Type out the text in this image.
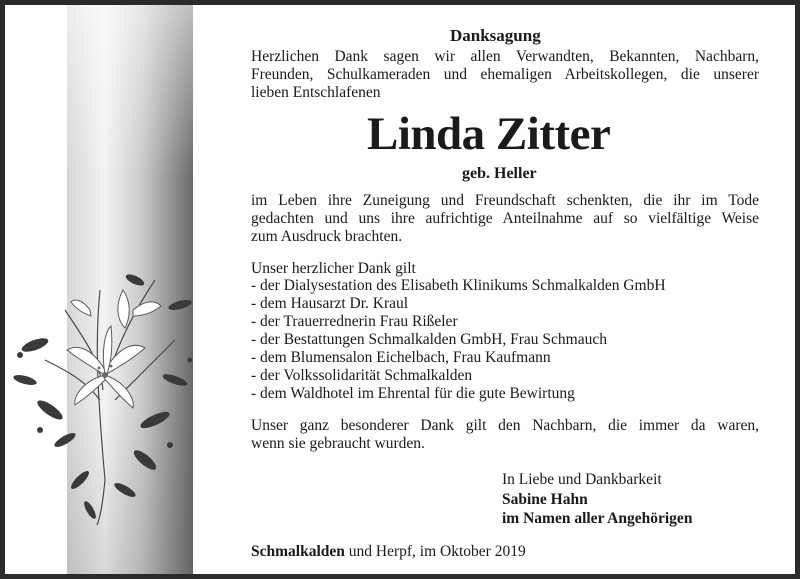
Danksagung
Herzlichen Dank sagen wir allen Verwandten, Bekannten, Nachbarn,
Freunden, Schulkameraden und ehemaligen Arbeitskollegen, die unserer
lieben Entschlafenen
Linda Zitter
geb. Heller
im Leben ihre Zuneigung und Freundschaft schenkten, die ihr im Tode
gedachten und uns ihre aufrichtige Anteilnahme auf so vielfältige Weise
zum Ausdruck brachten.
Unser herzlicher Dank gilt
- der Dialysestation des Elisabeth Klinikums Schmalkalden GmbH
- dem Hausarzt Dr. Kraul
- der Trauerrednerin Frau Rißeler
- der Bestattungen Schmalkalden GmbH, Frau Schmauch
- dem Blumensalon Eichelbach, Frau Kaufmann
- der Volkssolidarität Schmalkalden
- dem Waldhotel im Ehrental für die gute Bewirtung
Unser ganz besonderer Dank gilt den Nachbarn, die immer da waren,
wenn sie gebraucht wurden.
In Liebe und Dankbarkeit
Sabine Hahn
im Namen aller Angehörigen
Schmalkalden und Herpf, im Oktober 2019
